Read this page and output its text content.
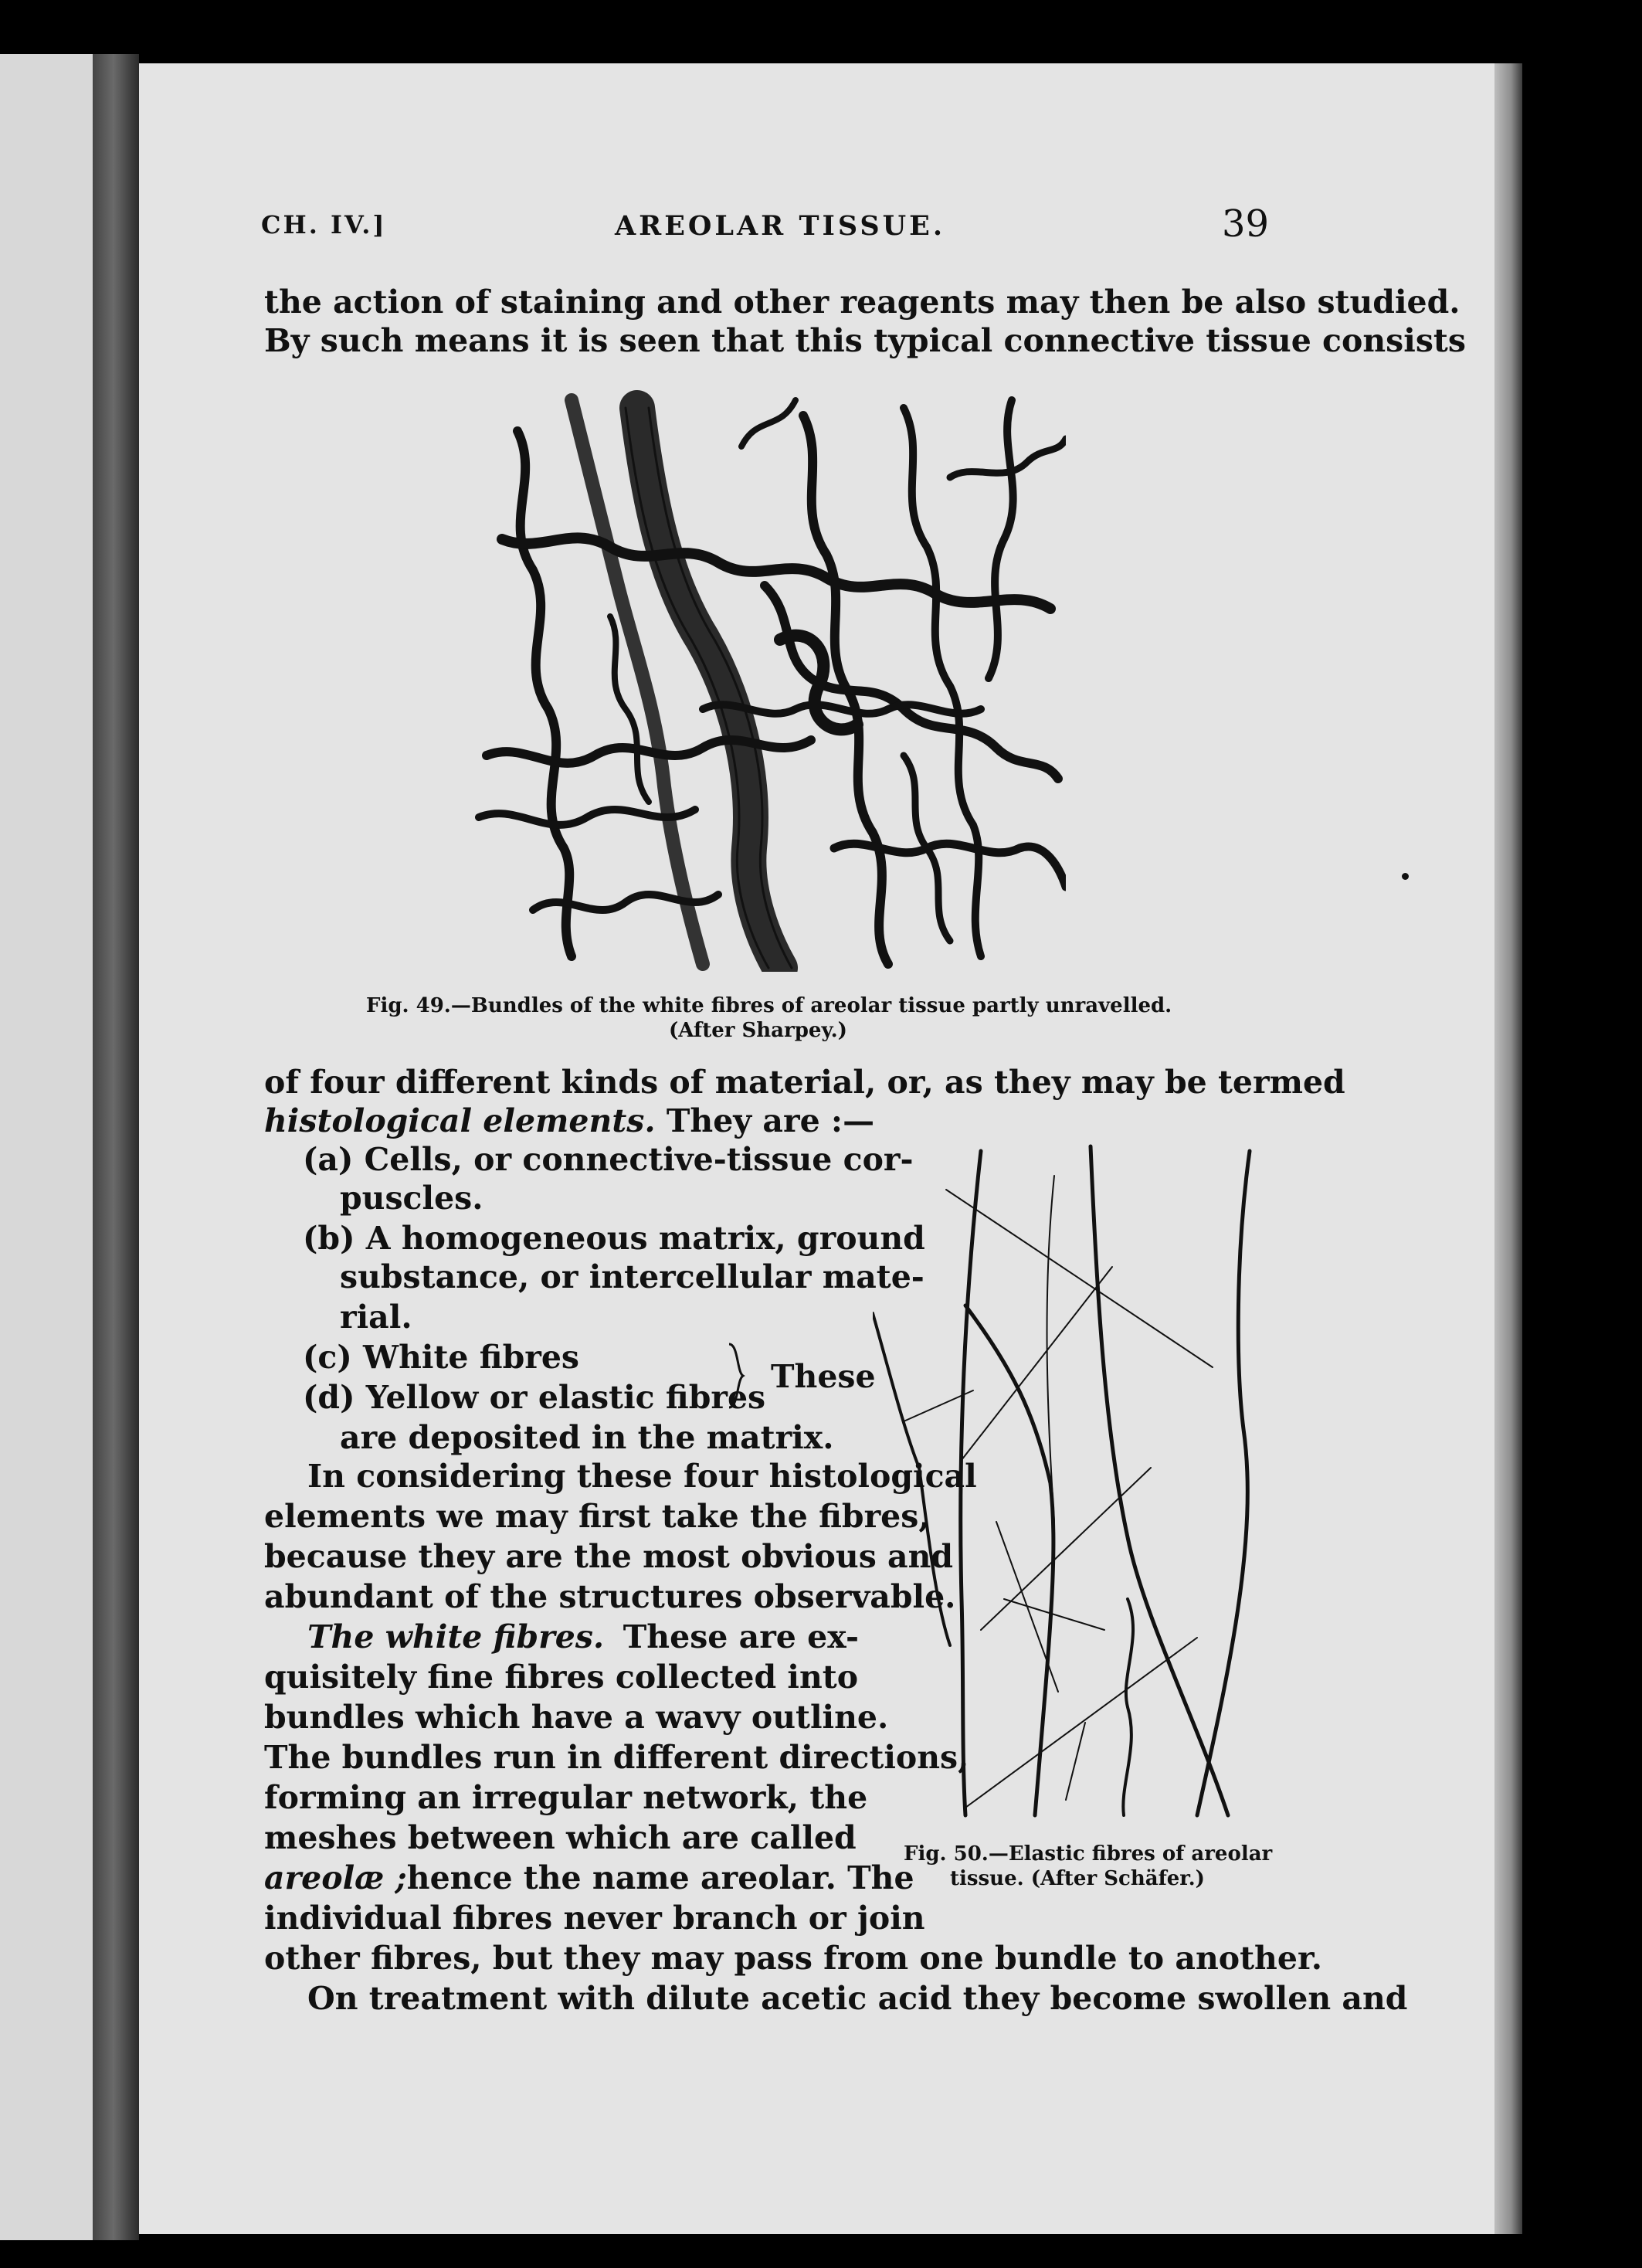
CH. IV.]	AREOLAR TISSUE.	39
the action of staining and other reagents may then be also studied.
By such means it is seen that this typical connective tissue consists
Fig. 49.—Bundles of the white fibres of areolar tissue partly unravelled.
(After Sharpey.)
of four different kinds of material, or, as they may be termed
histological elements. They are :—
(a) Cells, or connective-tissue cor-
puscles.
(b) A homogeneous matrix, ground
substance, or intercellular mate-
rial.
(c) White fibres
(d) Yellow or elastic fibres
These
are deposited in the matrix.
In considering these four histological
elements we may first take the fibres,
because they are the most obvious and
abundant of the structures observable.
The white fibres. These are ex-
quisitely fine fibres collected into
bundles which have a wavy outline.
The bundles run in different directions,
forming an irregular network, the
meshes between which are called
areolæ ; hence the name areolar. The
individual fibres never branch or join
other fibres, but they may pass from one bundle to another.
On treatment with dilute acetic acid they become swollen and
Fig. 50.—Elastic fibres of areolar
tissue. (After Schäfer.)
